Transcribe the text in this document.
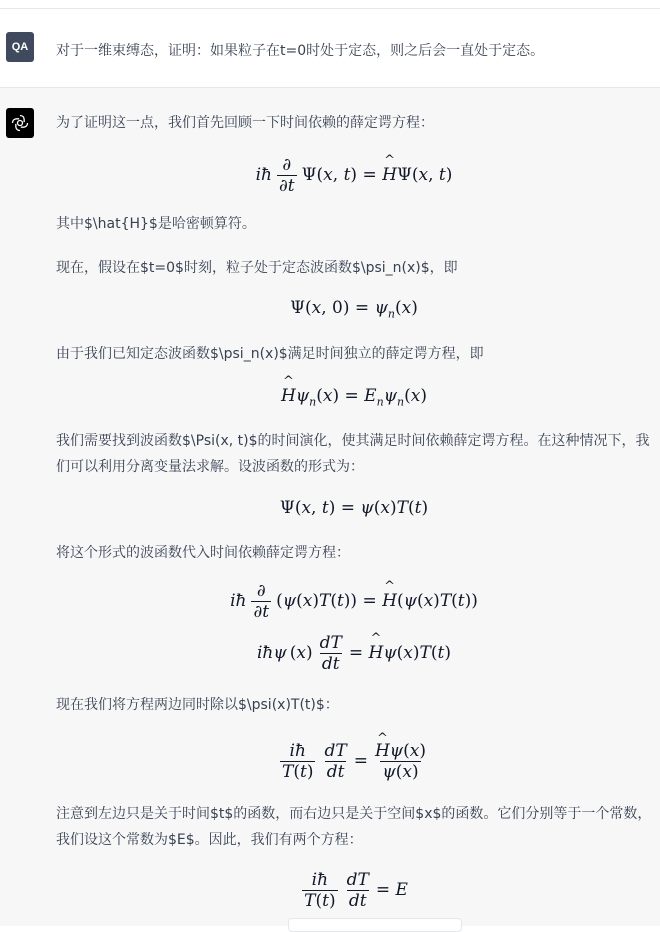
QA	对于一维束缚态，证明：如果粒子在t=0时处于定态，则之后会一直处于定态。
为了证明这一点，我们首先回顾一下时间依赖的薛定谔方程：
iħ $\frac{\partial}{\partial t} \Psi(x$, t) = ^ HΨ(x, t)
其中$\hat{H}$是哈密顿算符。
现在，假设在$t=0$时刻，粒子处于定态波函数$\psi_n(x)$，即
Ψ(x, $0) = \psi_n(x)$
由于我们已知定态波函数$\psi_n(x)$满足时间独立的薛定谔方程，即
^ $H\psi_n(x) = E_n\psi_n(x)$
我们需要找到波函数$\Psi(x, t)$的时间演化，使其满足时间依赖薛定谔方程。在这种情况下，我们可以利用分离变量法求解。设波函数的形式为：
Ψ(x, t) = ψ(x)T(t)
将这个形式的波函数代入时间依赖薛定谔方程：
iħ $\frac{\partial}{\partial t} (\psi(x)T(t))$ = ^ H(ψ(x)T(t))
iħψ $(x) \frac{dT}{dt}$ = ^ Hψ(x)T(t)
现在我们将方程两边同时除以$\psi(x)T(t)$：
$\frac{iħ}{T(t)} \frac{dT}{dt}$ =
^ $\frac{H\psi(x)}{\psi(x)}$
注意到左边只是关于时间$t$的函数，而右边只是关于空间$x$的函数。它们分别等于一个常数，我们设这个常数为$E$。因此，我们有两个方程：
$\frac{iħ}{T(t)} \frac{dT}{dt} = E$
